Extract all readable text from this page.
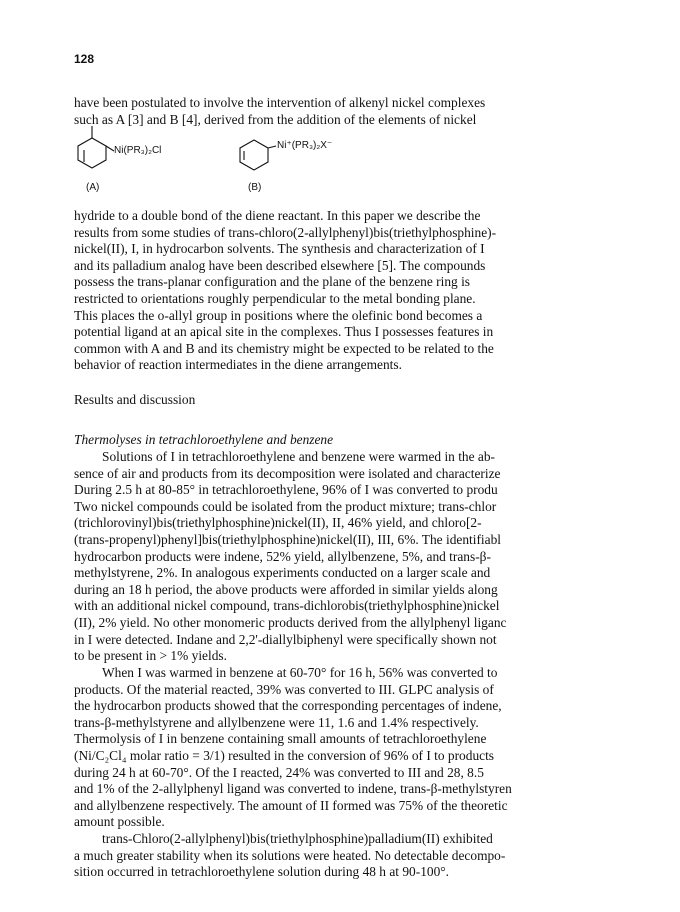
128

have been postulated to involve the intervention of alkenyl nickel complexes
such as A [3] and B [4], derived from the addition of the elements of nickel
Ni(PR₃)₂Cl
(A)
Ni⁺(PR₃)₂X⁻
(B)
hydride to a double bond of the diene reactant. In this paper we describe the
results from some studies of trans-chloro(2-allylphenyl)bis(triethylphosphine)-
nickel(II), I, in hydrocarbon solvents. The synthesis and characterization of I
and its palladium analog have been described elsewhere [5]. The compounds
possess the trans-planar configuration and the plane of the benzene ring is
restricted to orientations roughly perpendicular to the metal bonding plane.
This places the o-allyl group in positions where the olefinic bond becomes a
potential ligand at an apical site in the complexes. Thus I possesses features in
common with A and B and its chemistry might be expected to be related to the
behavior of reaction intermediates in the diene arrangements.

Results and discussion

Thermolyses in tetrachloroethylene and benzene

Solutions of I in tetrachloroethylene and benzene were warmed in the ab-
sence of air and products from its decomposition were isolated and characterize
During 2.5 h at 80-85° in tetrachloroethylene, 96% of I was converted to produ
Two nickel compounds could be isolated from the product mixture; trans-chlor
(trichlorovinyl)bis(triethylphosphine)nickel(II), II, 46% yield, and chloro[2-
(trans-propenyl)phenyl]bis(triethylphosphine)nickel(II), III, 6%. The identifiabl
hydrocarbon products were indene, 52% yield, allylbenzene, 5%, and trans-β-
methylstyrene, 2%. In analogous experiments conducted on a larger scale and
during an 18 h period, the above products were afforded in similar yields along
with an additional nickel compound, trans-dichlorobis(triethylphosphine)nickel
(II), 2% yield. No other monomeric products derived from the allylphenyl liganc
in I were detected. Indane and 2,2'-diallylbiphenyl were specifically shown not
to be present in > 1% yields.
When I was warmed in benzene at 60-70° for 16 h, 56% was converted to
products. Of the material reacted, 39% was converted to III. GLPC analysis of
the hydrocarbon products showed that the corresponding percentages of indene,
trans-β-methylstyrene and allylbenzene were 11, 1.6 and 1.4% respectively.
Thermolysis of I in benzene containing small amounts of tetrachloroethylene
(Ni/C₂Cl₄ molar ratio = 3/1) resulted in the conversion of 96% of I to products
during 24 h at 60-70°. Of the I reacted, 24% was converted to III and 28, 8.5
and 1% of the 2-allylphenyl ligand was converted to indene, trans-β-methylstyren
and allylbenzene respectively. The amount of II formed was 75% of the theoretic
amount possible.
trans-Chloro(2-allylphenyl)bis(triethylphosphine)palladium(II) exhibited
a much greater stability when its solutions were heated. No detectable decompo-
sition occurred in tetrachloroethylene solution during 48 h at 90-100°.
